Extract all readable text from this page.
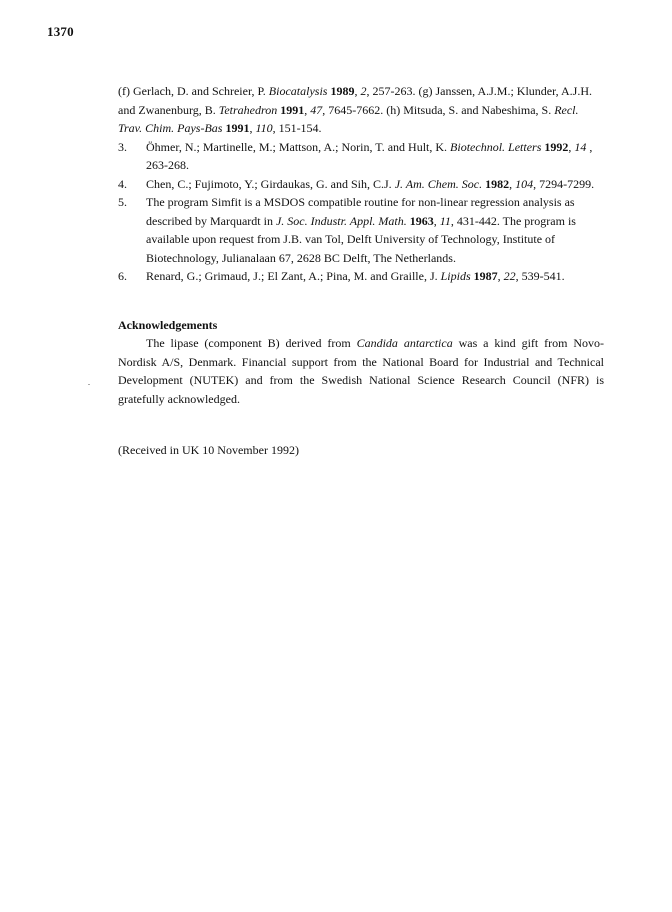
1370

(f) Gerlach, D. and Schreier, P. Biocatalysis 1989, 2, 257-263. (g) Janssen, A.J.M.; Klunder, A.J.H. and Zwanenburg, B. Tetrahedron 1991, 47, 7645-7662. (h) Mitsuda, S. and Nabeshima, S. Recl. Trav. Chim. Pays-Bas 1991, 110, 151-154.

3. Öhmer, N.; Martinelle, M.; Mattson, A.; Norin, T. and Hult, K. Biotechnol. Letters 1992, 14 , 263-268.

4. Chen, C.; Fujimoto, Y.; Girdaukas, G. and Sih, C.J. J. Am. Chem. Soc. 1982, 104, 7294-7299.

5. The program Simfit is a MSDOS compatible routine for non-linear regression analysis as described by Marquardt in J. Soc. Industr. Appl. Math. 1963, 11, 431-442. The program is available upon request from J.B. van Tol, Delft University of Technology, Institute of Biotechnology, Julianalaan 67, 2628 BC Delft, The Netherlands.

6. Renard, G.; Grimaud, J.; El Zant, A.; Pina, M. and Graille, J. Lipids 1987, 22, 539-541.

Acknowledgements

The lipase (component B) derived from Candida antarctica was a kind gift from Novo-Nordisk A/S, Denmark. Financial support from the National Board for Industrial and Technical Development (NUTEK) and from the Swedish National Science Research Council (NFR) is gratefully acknowledged.

(Received in UK 10 November 1992)
